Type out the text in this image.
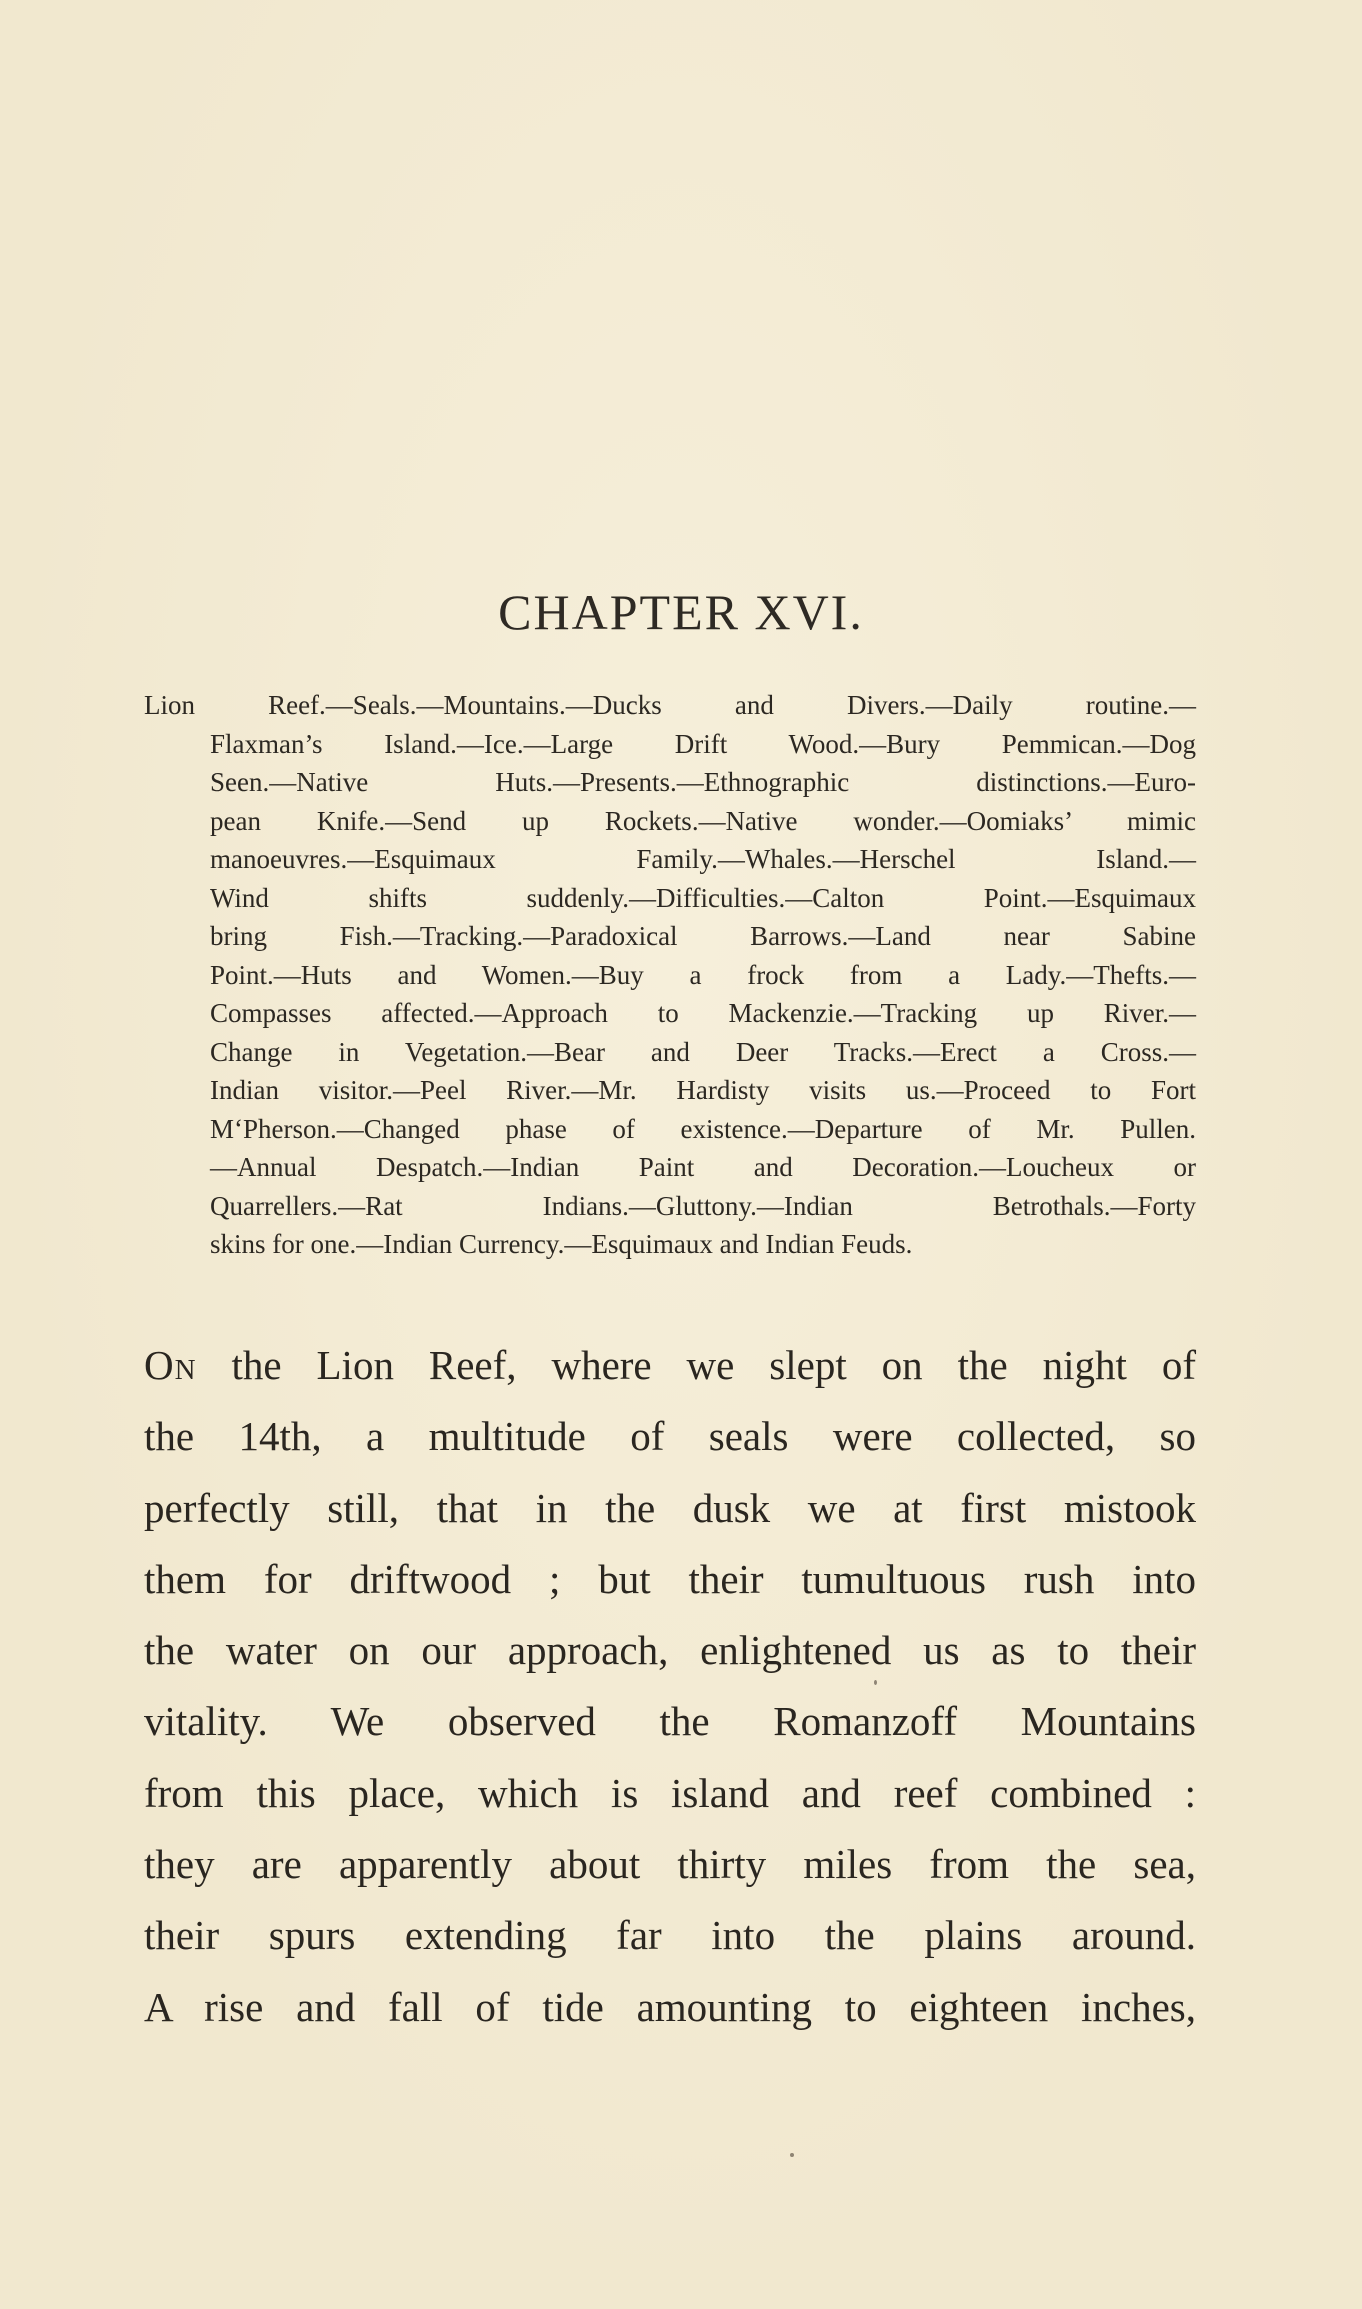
CHAPTER XVI.
Lion Reef.—Seals.—Mountains.—Ducks and Divers.—Daily routine.—
Flaxman’s Island.—Ice.—Large Drift Wood.—Bury Pemmican.—Dog
Seen.—Native Huts.—Presents.—Ethnographic distinctions.—Euro-
pean Knife.—Send up Rockets.—Native wonder.—Oomiaks’ mimic
manoeuvres.—Esquimaux Family.—Whales.—Herschel Island.—
Wind shifts suddenly.—Difficulties.—Calton Point.—Esquimaux
bring Fish.—Tracking.—Paradoxical Barrows.—Land near Sabine
Point.—Huts and Women.—Buy a frock from a Lady.—Thefts.—
Compasses affected.—Approach to Mackenzie.—Tracking up River.—
Change in Vegetation.—Bear and Deer Tracks.—Erect a Cross.—
Indian visitor.—Peel River.—Mr. Hardisty visits us.—Proceed to Fort
M‘Pherson.—Changed phase of existence.—Departure of Mr. Pullen.
—Annual Despatch.—Indian Paint and Decoration.—Loucheux or
Quarrellers.—Rat Indians.—Gluttony.—Indian Betrothals.—Forty
skins for one.—Indian Currency.—Esquimaux and Indian Feuds.
On the Lion Reef, where we slept on the night of
the 14th, a multitude of seals were collected, so
perfectly still, that in the dusk we at first mistook
them for driftwood ; but their tumultuous rush into
the water on our approach, enlightened us as to their
vitality. We observed the Romanzoff Mountains
from this place, which is island and reef combined :
they are apparently about thirty miles from the sea,
their spurs extending far into the plains around.
A rise and fall of tide amounting to eighteen inches,
